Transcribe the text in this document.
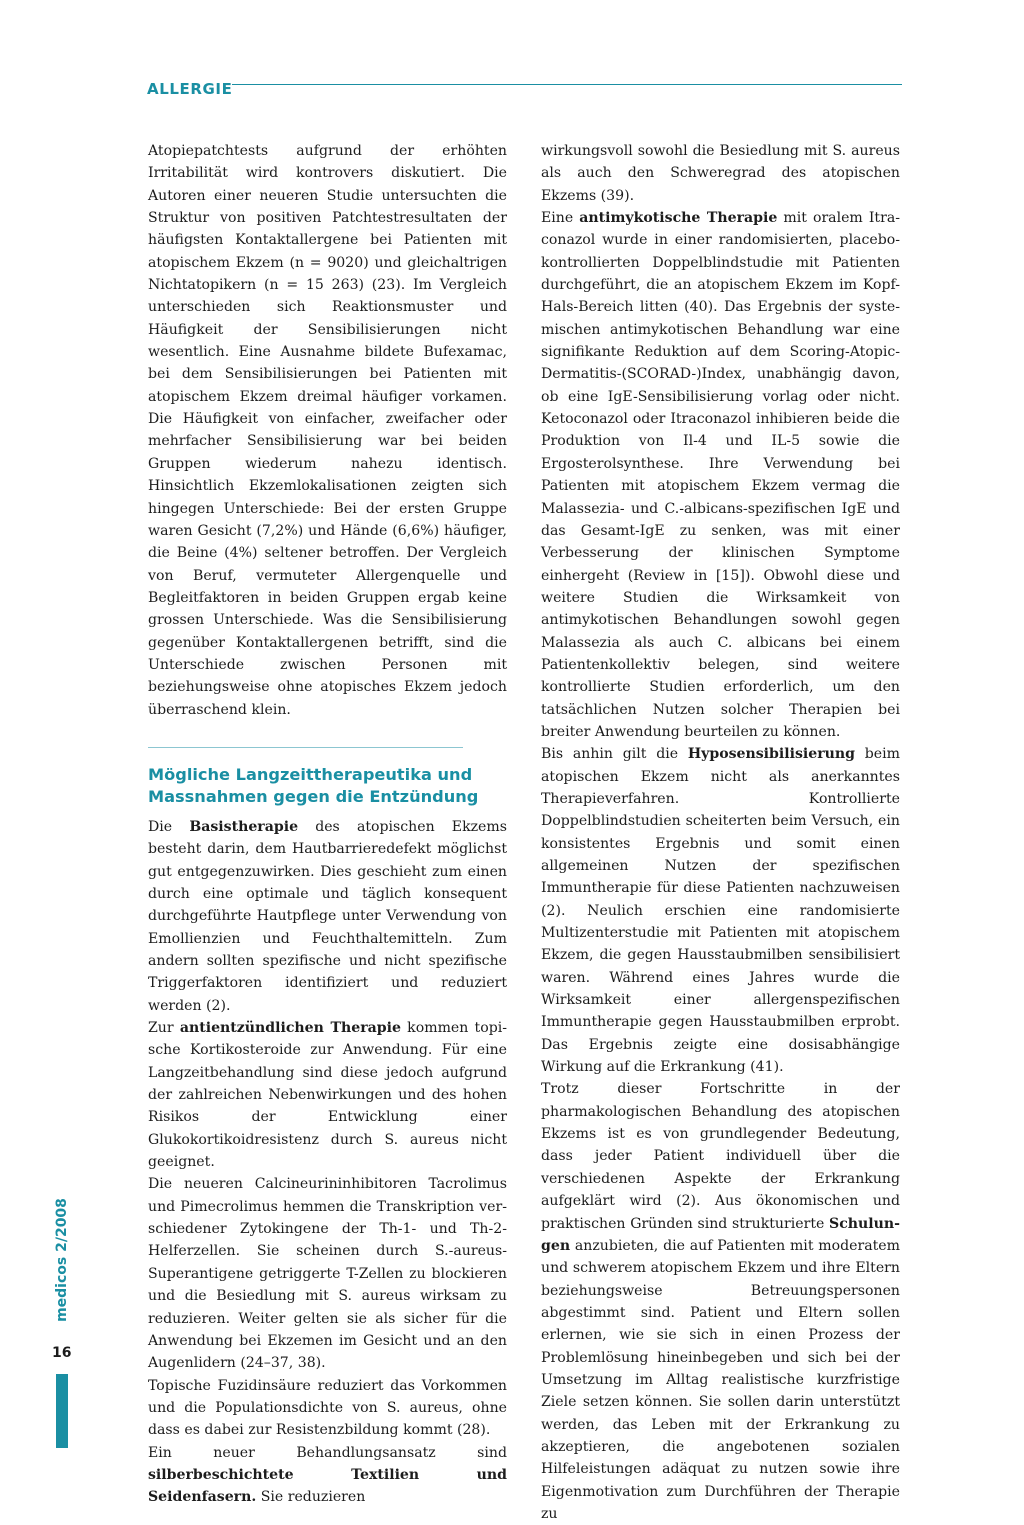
ALLERGIE

Atopiepatchtests aufgrund der erhöhten Irritabilität wird kontrovers diskutiert. Die Autoren einer neueren Studie untersuchten die Struktur von positiven Patchtestresultaten der häufigsten Kontaktallergene bei Patienten mit atopischem Ekzem (n = 9020) und gleichaltrigen Nichtatopikern (n = 15 263) (23). Im Vergleich unterschieden sich Reaktionsmuster und Häufigkeit der Sensibilisierungen nicht wesentlich. Eine Ausnahme bildete Bufexamac, bei dem Sensibilisierungen bei Patienten mit atopischem Ekzem dreimal häufiger vorkamen. Die Häufigkeit von einfacher, zweifacher oder mehrfacher Sensibilisierung war bei beiden Gruppen wiederum nahezu identisch. Hinsichtlich Ekzemlokalisationen zeigten sich hingegen Unterschiede: Bei der ersten Gruppe waren Gesicht (7,2%) und Hände (6,6%) häufiger, die Beine (4%) seltener betroffen. Der Vergleich von Beruf, vermuteter Allergenquelle und Begleitfaktoren in beiden Gruppen ergab keine grossen Unterschiede. Was die Sensibilisierung gegenüber Kontaktallergenen betrifft, sind die Unterschiede zwischen Personen mit beziehungsweise ohne atopisches Ekzem jedoch überraschend klein.

Mögliche Langzeittherapeutika und Massnahmen gegen die Entzündung

Die Basistherapie des atopischen Ekzems besteht darin, dem Hautbarrieredefekt möglichst gut entgegenzuwirken. Dies geschieht zum einen durch eine optimale und täglich konsequent durchgeführte Hautpflege unter Verwendung von Emollienzien und Feuchthaltemitteln. Zum andern sollten spezifische und nicht spezifische Triggerfaktoren identifiziert und reduziert werden (2).

Zur antientzündlichen Therapie kommen topische Kortikosteroide zur Anwendung. Für eine Langzeitbehandlung sind diese jedoch aufgrund der zahlreichen Nebenwirkungen und des hohen Risikos der Entwicklung einer Glukokortikoidresistenz durch S. aureus nicht geeignet.

Die neueren Calcineurininhibitoren Tacrolimus und Pimecrolimus hemmen die Transkription verschiedener Zytokingene der Th-1- und Th-2-Helferzellen. Sie scheinen durch S.-aureus-Superantigene getriggerte T-Zellen zu blockieren und die Besiedlung mit S. aureus wirksam zu reduzieren. Weiter gelten sie als sicher für die Anwendung bei Ekzemen im Gesicht und an den Augenlidern (24–37, 38).

Topische Fuzidinsäure reduziert das Vorkommen und die Populationsdichte von S. aureus, ohne dass es dabei zur Resistenzbildung kommt (28).

Ein neuer Behandlungsansatz sind silberbeschichtete Textilien und Seidenfasern. Sie reduzieren

wirkungsvoll sowohl die Besiedlung mit S. aureus als auch den Schweregrad des atopischen Ekzems (39).

Eine antimykotische Therapie mit oralem Itraconazol wurde in einer randomisierten, placebokontrollierten Doppelblindstudie mit Patienten durchgeführt, die an atopischem Ekzem im Kopf-Hals-Bereich litten (40). Das Ergebnis der systemischen antimykotischen Behandlung war eine signifikante Reduktion auf dem Scoring-Atopic-Dermatitis-(SCORAD-)Index, unabhängig davon, ob eine IgE-Sensibilisierung vorlag oder nicht. Ketoconazol oder Itraconazol inhibieren beide die Produktion von Il-4 und IL-5 sowie die Ergosterolsynthese. Ihre Verwendung bei Patienten mit atopischem Ekzem vermag die Malassezia- und C.-albicans-spezifischen IgE und das Gesamt-IgE zu senken, was mit einer Verbesserung der klinischen Symptome einhergeht (Review in [15]). Obwohl diese und weitere Studien die Wirksamkeit von antimykotischen Behandlungen sowohl gegen Malassezia als auch C. albicans bei einem Patientenkollektiv belegen, sind weitere kontrollierte Studien erforderlich, um den tatsächlichen Nutzen solcher Therapien bei breiter Anwendung beurteilen zu können.

Bis anhin gilt die Hyposensibilisierung beim atopischen Ekzem nicht als anerkanntes Therapieverfahren. Kontrollierte Doppelblindstudien scheiterten beim Versuch, ein konsistentes Ergebnis und somit einen allgemeinen Nutzen der spezifischen Immuntherapie für diese Patienten nachzuweisen (2). Neulich erschien eine randomisierte Multizenterstudie mit Patienten mit atopischem Ekzem, die gegen Hausstaubmilben sensibilisiert waren. Während eines Jahres wurde die Wirksamkeit einer allergenspezifischen Immuntherapie gegen Hausstaubmilben erprobt. Das Ergebnis zeigte eine dosisabhängige Wirkung auf die Erkrankung (41).

Trotz dieser Fortschritte in der pharmakologischen Behandlung des atopischen Ekzems ist es von grundlegender Bedeutung, dass jeder Patient individuell über die verschiedenen Aspekte der Erkrankung aufgeklärt wird (2). Aus ökonomischen und praktischen Gründen sind strukturierte Schulungen anzubieten, die auf Patienten mit moderatem und schwerem atopischem Ekzem und ihre Eltern beziehungsweise Betreuungspersonen abgestimmt sind. Patient und Eltern sollen erlernen, wie sie sich in einen Prozess der Problemlösung hineinbegeben und sich bei der Umsetzung im Alltag realistische kurzfristige Ziele setzen können. Sie sollen darin unterstützt werden, das Leben mit der Erkrankung zu akzeptieren, die angebotenen sozialen Hilfeleistungen adäquat zu nutzen sowie ihre Eigenmotivation zum Durchführen der Therapie zu

medicos 2/2008
16
